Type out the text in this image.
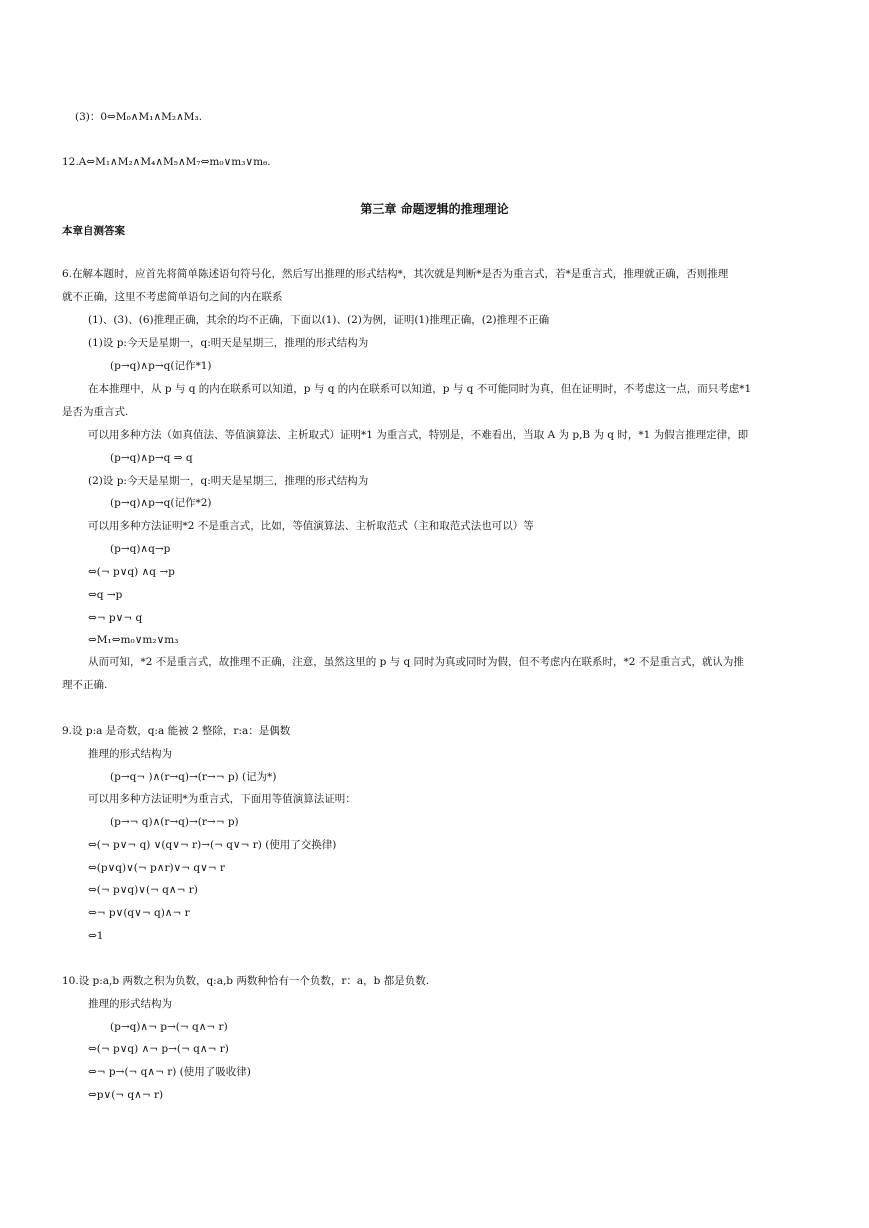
(3)：0⇔M₀∧M₁∧M₂∧M₃.
12.A⇔M₁∧M₂∧M₄∧M₅∧M₇⇔m₀∨m₃∨m₆.
第三章 命题逻辑的推理理论
本章自测答案
6.在解本题时，应首先将简单陈述语句符号化，然后写出推理的形式结构*，其次就是判断*是否为重言式，若*是重言式，推理就正确，否则推理
就不正确，这里不考虑简单语句之间的内在联系
(1)、(3)、(6)推理正确，其余的均不正确，下面以(1)、(2)为例，证明(1)推理正确，(2)推理不正确
(1)设 p:今天是星期一，q:明天是星期三，推理的形式结构为
(p→q)∧p→q(记作*1)
在本推理中，从 p 与 q 的内在联系可以知道，p 与 q 的内在联系可以知道，p 与 q 不可能同时为真，但在证明时，不考虑这一点，而只考虑*1
是否为重言式.
可以用多种方法（如真值法、等值演算法、主析取式）证明*1 为重言式，特别是，不难看出，当取 A 为 p,B 为 q 时，*1 为假言推理定律，即
(p→q)∧p→q ⇒ q
(2)设 p:今天是星期一，q:明天是星期三，推理的形式结构为
(p→q)∧p→q(记作*2)
可以用多种方法证明*2 不是重言式，比如，等值演算法、主析取范式（主和取范式法也可以）等
(p→q)∧q→p
⇔(¬ p∨q) ∧q →p
⇔q →p
⇔¬ p∨¬ q
⇔M₁⇔m₀∨m₂∨m₃
从而可知，*2 不是重言式，故推理不正确，注意，虽然这里的 p 与 q 同时为真或同时为假，但不考虑内在联系时，*2 不是重言式，就认为推
理不正确.
9.设 p:a 是奇数，q:a 能被 2 整除，r:a：是偶数
推理的形式结构为
(p→q¬ )∧(r→q)→(r→¬ p) (记为*)
可以用多种方法证明*为重言式，下面用等值演算法证明：
(p→¬ q)∧(r→q)→(r→¬ p)
⇔(¬ p∨¬ q) ∨(q∨¬ r)→(¬ q∨¬ r) (使用了交换律)
⇔(p∨q)∨(¬ p∧r)∨¬ q∨¬ r
⇔(¬ p∨q)∨(¬ q∧¬ r)
⇔¬ p∨(q∨¬ q)∧¬ r
⇔1
10.设 p:a,b 两数之积为负数，q:a,b 两数种恰有一个负数，r：a，b 都是负数.
推理的形式结构为
(p→q)∧¬ p→(¬ q∧¬ r)
⇔(¬ p∨q) ∧¬ p→(¬ q∧¬ r)
⇔¬ p→(¬ q∧¬ r) (使用了吸收律)
⇔p∨(¬ q∧¬ r)
